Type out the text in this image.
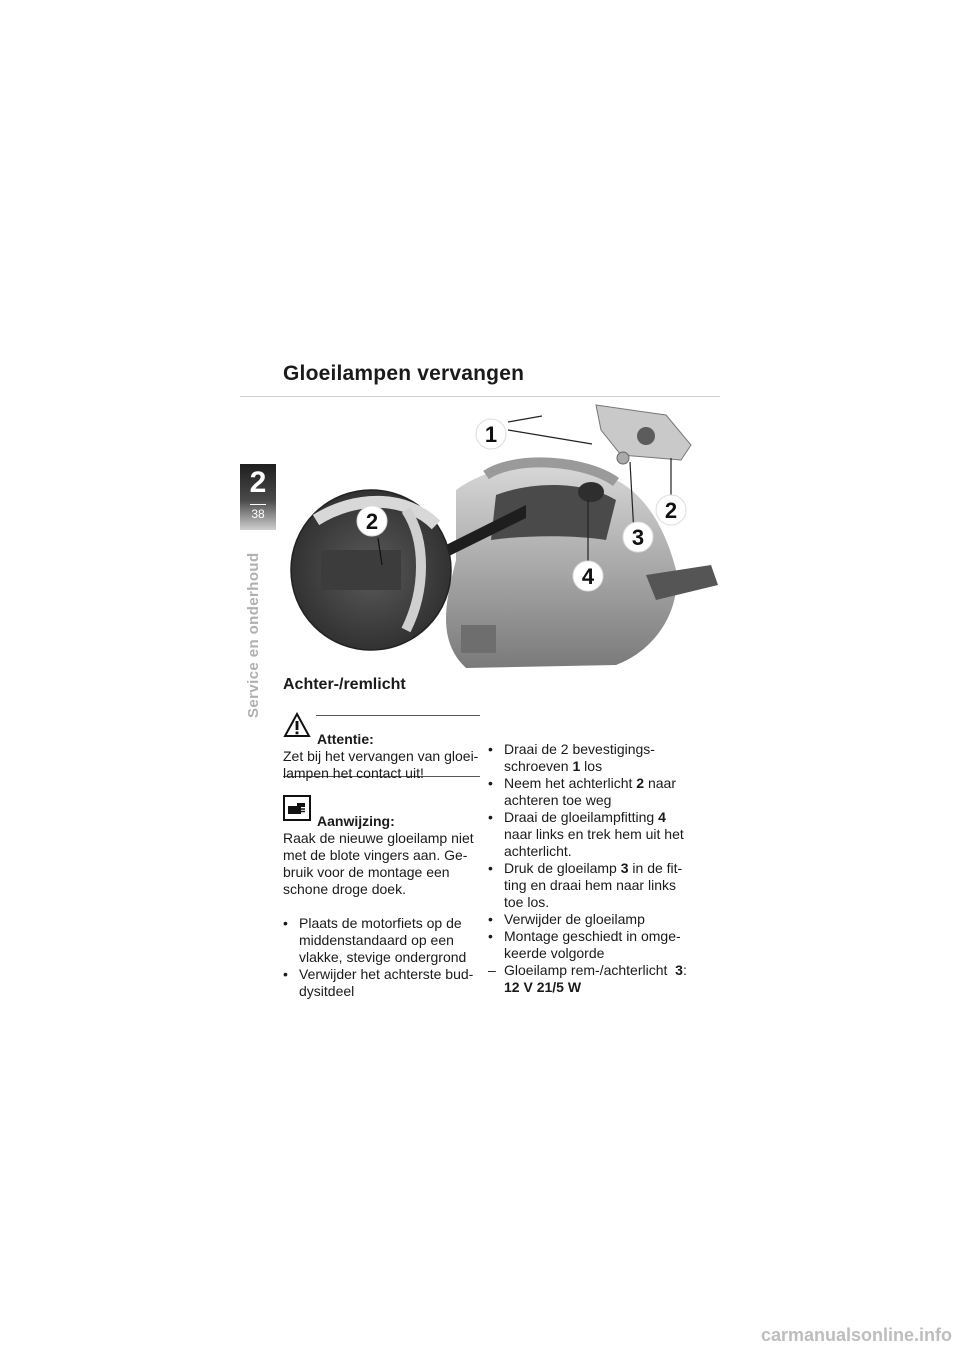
Gloeilampen vervangen
2
38
Service en onderhoud
1
2	2
3
4
Achter-/remlicht

Attentie:

Zet bij het vervangen van gloei-

lampen het contact uit!

Aanwijzing:

Raak de nieuwe gloeilamp niet

met de blote vingers aan. Ge-

bruik voor de montage een

schone droge doek.

• Plaats de motorfiets op de
middenstandaard op een
vlakke, stevige ondergrond
• Verwijder het achterste bud-
dysitdeel
• Draai de 2 bevestigings-
schroeven 1 los
• Neem het achterlicht 2 naar
achteren toe weg
• Draai de gloeilampfitting 4
naar links en trek hem uit het
achterlicht.
• Druk de gloeilamp 3 in de fit-
ting en draai hem naar links
toe los.
• Verwijder de gloeilamp
• Montage geschiedt in omge-
keerde volgorde
– Gloeilamp rem-/achterlicht  3:
12 V 21/5 W
carmanualsonline.info
